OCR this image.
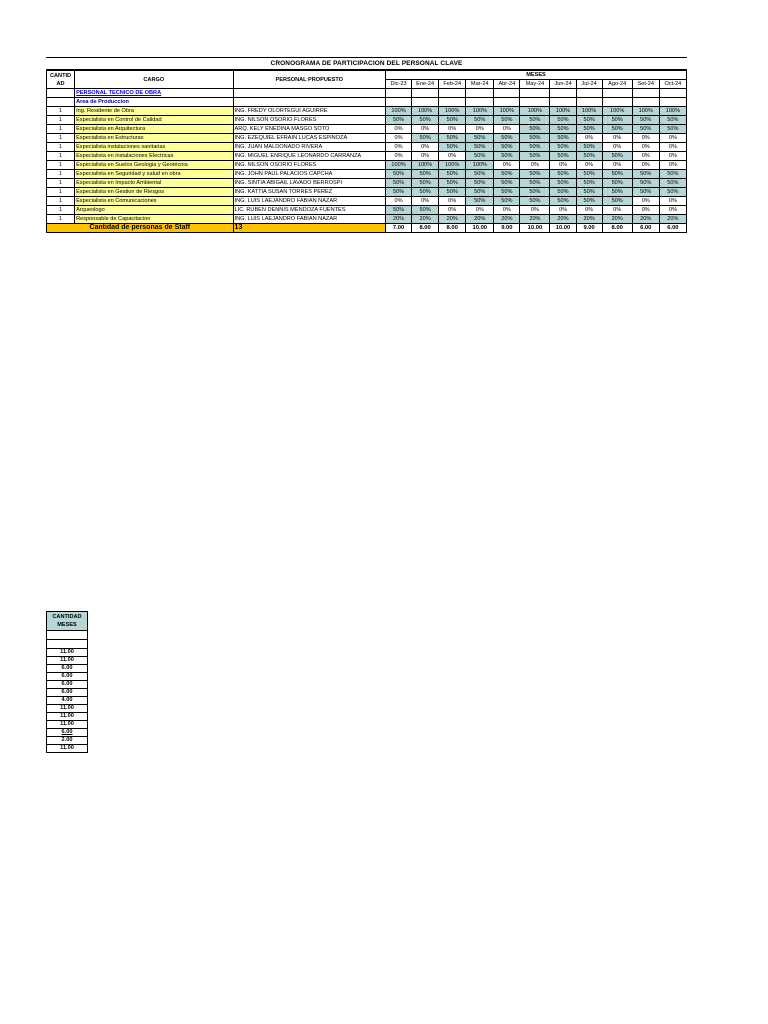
CRONOGRAMA DE PARTICIPACION DEL PERSONAL CLAVE
CANTID AD	CARGO	PERSONAL PROPUESTO	MESES										
			Dic-23	Ene-24	Feb-24	Mar-24	Abr-24	May-24	Jun-24	Jul-24	Ago-24	Set-24	Oct-24
	PERSONAL TECNICO DE OBRA												
	Area de Produccion												
1	Ing. Residente de Obra	ING. FREDY OLORTEGUI AGUIRRE	100%	100%	100%	100%	100%	100%	100%	100%	100%	100%	100%
1	Especialista en Control de Calidad	ING. NILSON OSORIO FLORES	50%	50%	50%	50%	50%	50%	50%	50%	50%	50%	50%
1	Especialista en Arquitectura	ARQ. KELY ENEDINA MASGO SOTO	0%	0%	0%	0%	0%	50%	50%	50%	50%	50%	50%
1	Especialista en Estructuras	ING. EZEQUIEL EFRAIN LUCAS ESPINOZA	0%	50%	50%	50%	50%	50%	50%	0%	0%	0%	0%
1	Especialista instalaciones sanitarias	ING. JUAN MALDONADO RIVERA	0%	0%	50%	50%	50%	50%	50%	50%	0%	0%	0%
1	Especialista en instalaciones Electricas	ING. MIGUEL ENRIQUE LEONARDO CARRANZA	0%	0%	0%	50%	50%	50%	50%	50%	50%	0%	0%
1	Especialista en Suelos Geologia y Geotécnia	ING. NILSON OSORIO FLORES	100%	100%	100%	100%	0%	0%	0%	0%	0%	0%	0%
1	Especialista en Seguridad y salud en obra	ING. JOHN PAUL PALACIOS CAPCHA	50%	50%	50%	50%	50%	50%	50%	50%	50%	50%	50%
1	Especialista en Impacto Ambiental	ING. SINTIA ABIGAIL LAVADO BERROSPI	50%	50%	50%	50%	50%	50%	50%	50%	50%	50%	50%
1	Especialista en Gestion de Riesgos	ING. KATTIA SUSAN TORRES PEREZ	50%	50%	50%	50%	50%	50%	50%	50%	50%	50%	50%
1	Especialista en Comunicaciones	ING. LUIS LAEJANDRO FABIAN NAZAR	0%	0%	0%	50%	50%	50%	50%	50%	50%	0%	0%
1	Arqueologo	LIC. RUBEN DENNIS MENDOZA FUENTES	50%	50%	0%	0%	0%	0%	0%	0%	0%	0%	0%
1	Responsable de Capacitacion	ING. LUIS LAEJANDRO FABIAN NAZAR	20%	20%	20%	20%	20%	20%	20%	20%	20%	20%	20%
Cantidad de personas de Staff		13	7.00	8.00	8.00	10.00	9.00	10.00	10.00	9.00	8.00	6.00	6.00

CANTIDAD MESES

11.00
11.00
6.00
6.00
6.00
6.00
4.00
11.00
11.00
11.00
6.00
2.00
11.00
